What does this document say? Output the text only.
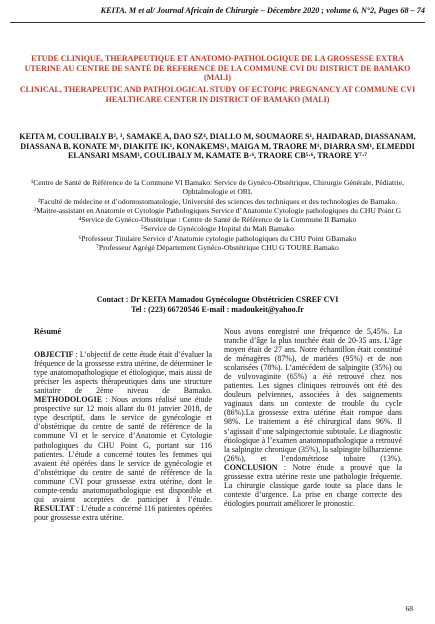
KEITA. M et al/ Journal Africain de Chirurgie – Décembre 2020 ; volume 6, N°2, Pages 68 – 74
ETUDE CLINIQUE, THERAPEUTIQUE ET ANATOMO-PATHOLOGIQUE DE LA GROSSESSE EXTRA UTERINE AU CENTRE DE SANTÉ DE REFERENCE DE LA COMMUNE CVI DU DISTRICT DE BAMAKO (MALI)
CLINICAL, THERAPEUTIC AND PATHOLOGICAL STUDY OF ECTOPIC PREGNANCY AT COMMUNE CVI HEALTHCARE CENTER IN DISTRICT OF BAMAKO (MALI)
KEITA M, COULIBALY B², ³, SAMAKE A, DAO SZ⁴, DIALLO M, SOUMAORE S¹, HAIDARAD, DIASSANAM, DIASSANA B, KONATE M¹, DIAKITE IK¹, KONAKEMS¹, MAIGA M, TRAORE M¹, DIARRA SM¹, ELMEDDI ELANSARI MSAM¹, COULIBALY M, KAMATE B·⁶, TRAORE CB⁵·⁶, TRAORE Y⁷·⁷

¹Centre de Santé de Référence de la Commune VI Bamako: Service de Gynéco-Obstétrique, Chirurgie Générale, Pédiatrie, Ophtalmologie et ORL

²Faculté de médecine et d’odontostomatologie, Université des sciences des techniques et des technologies de Bamako.

³Maitre-assistant en Anatomie et Cytologie Pathologiques Service d’Anatomie Cytologie pathologiques du CHU Point G

⁴Service de Gynéco-Obstétrique : Centre de Santé de Référence de la Commune II Bamako

⁵Service de Gynécologie Hopital du Mali Bamako

⁶Professeur Titulaire Service d’Anatomie cytologie pathologiques du CHU Point GBamako

⁷Professeur Agrégé Département Gynéco-Obstétrique CHU G TOURE Bamako

Contact : Dr KEITA Mamadou Gynécologue Obstétricien CSREF CVI
Tel : (223) 66720546 E-mail : madoukeit@yahoo.fr
Résumé

OBJECTIF : L’objectif de cette étude était d’évaluer la fréquence de la grossesse extra utérine, de déterminer le type anatomopathologique et étiologique, mais aussi de préciser les aspects thérapeutiques dans une structure sanitaire de 2ème niveau de Bamako. METHODOLOGIE : Nous avions réalisé une étude prospective sur 12 mois allant du 01 janvier 2018, de type descriptif, dans le service de gynécologie et d’obstétrique du centre de santé de référence de la commune VI et le service d’Anatomie et Cytologie pathologiques du CHU Point G, portant sur 116 patientes. L’étude a concerné toutes les femmes qui avaient été opérées dans le service de gynécologie et d’obstétrique du centre de santé de référence de la commune CVI pour grossesse extra utérine, dont le compte-rendu anatomopathologique est disponible et qui avaient acceptées de participer à l’étude. RESULTAT : L’étude a concerné 116 patientes opérées pour grossesse extra utérine.

Nous avons enregistré une fréquence de 5,45%. La tranche d’âge la plus touchée était de 20-35 ans. L’âge moyen était de 27 ans. Notre échantillon était constitué de ménagères (87%), de mariées (95%) et de non scolarisées (78%). L’antécédent de salpingite (35%) ou de vulvovaginite (65%) a été retrouvé chez nos patientes. Les signes cliniques retrouvés ont été des douleurs pelviennes, associées à des saignements vaginaux dans un contexte de trouble du cycle (86%).La grossesse extra utérine était rompue dans 98%. Le traitement a été chirurgical dans 96%. Il s’agissait d’une salpingectomie subtotale. Le diagnostic étiologique à l’examen anatomopathologique a retrouvé la salpingite chronique (35%), la salpingite bilharzienne (26%), et l’endométriose tubaire (13%). CONCLUSION : Notre étude a prouvé que la grossesse extra utérine reste une pathologie fréquente. La chirurgie classique garde toute sa place dans le contexte d’urgence. La prise en charge correcte des étiologies pourrait améliorer le pronostic.

68
